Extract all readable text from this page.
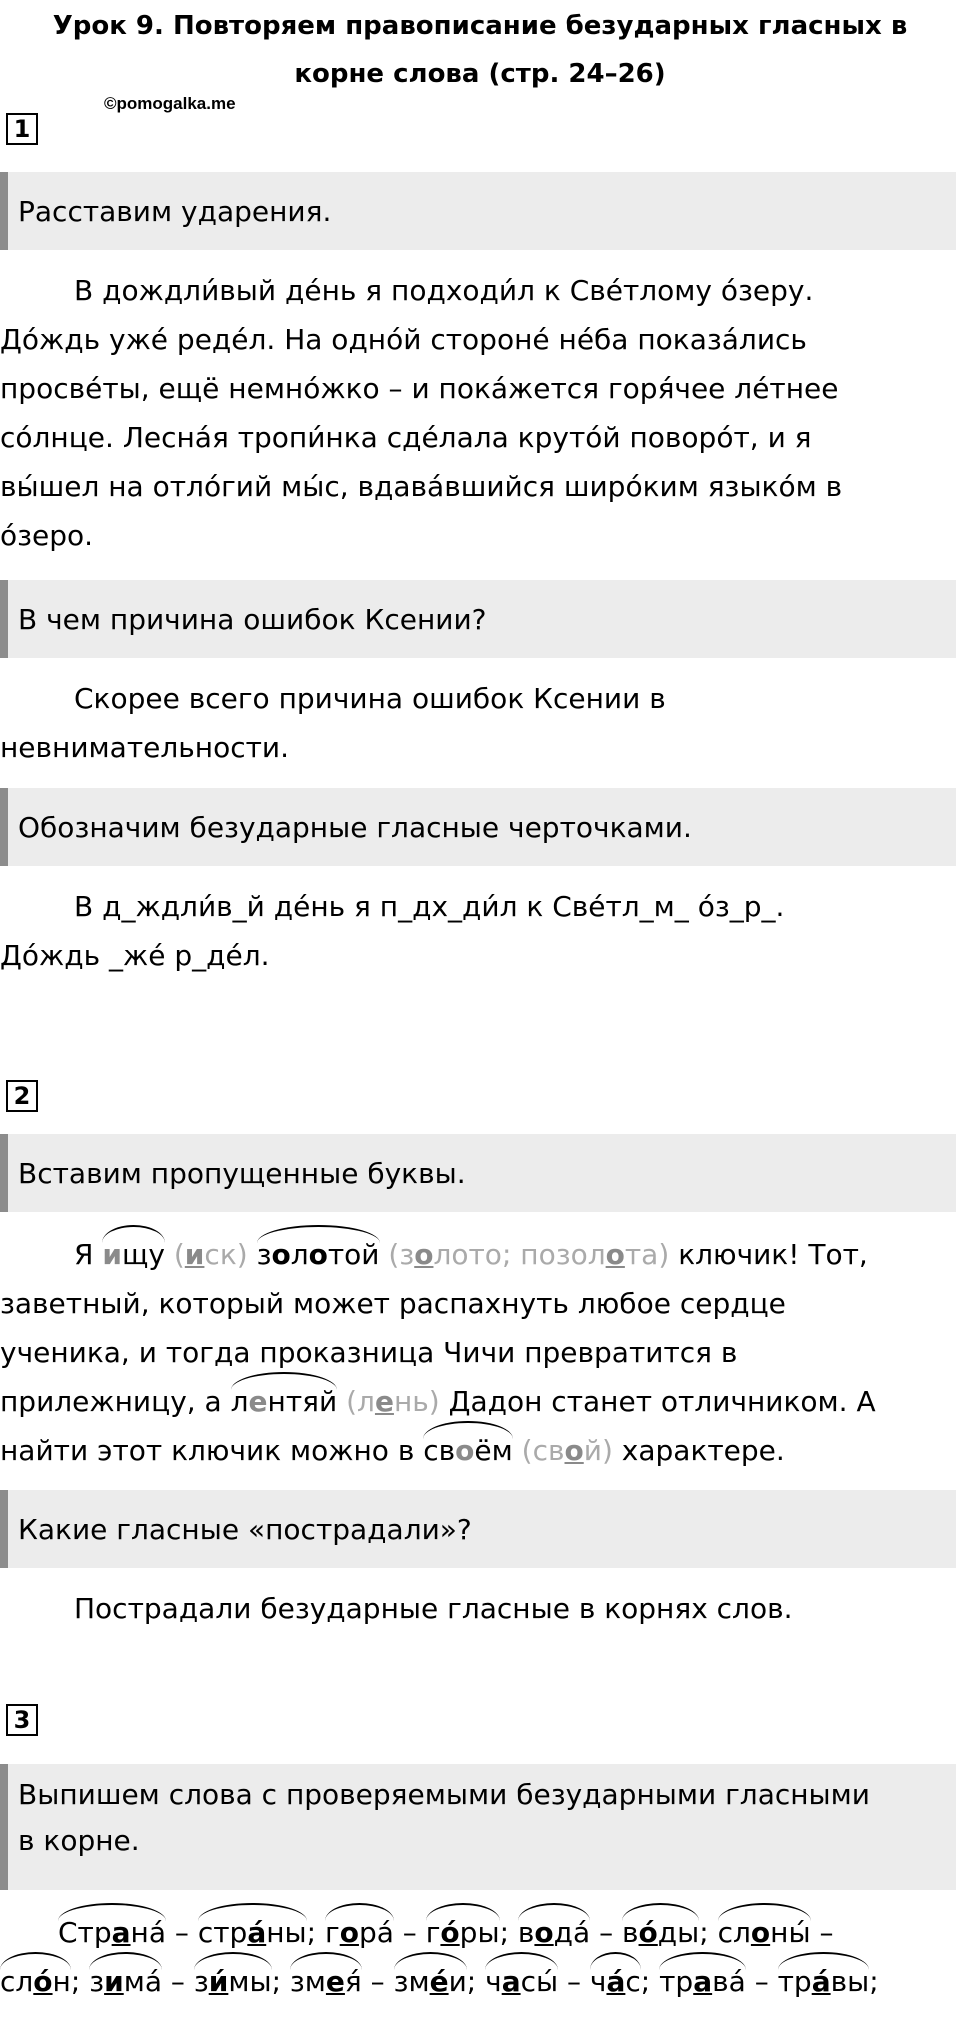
Урок 9. Повторяем правописание безударных гласных в
корне слова (стр. 24–26)
©pomogalka.me
1
Расставим ударения.

В дождли́вый де́нь я подходи́л к Све́тлому о́зеру.
До́ждь уже́ реде́л. На одно́й стороне́ не́ба показа́лись
просве́ты, ещё немно́жко – и пока́жется горя́чее ле́тнее
со́лнце. Лесна́я тропи́нка сде́лала круто́й поворо́т, и я
вы́шел на отло́гий мы́с, вдава́вшийся широ́ким языко́м в
о́зеро.

В чем причина ошибок Ксении?

Скорее всего причина ошибок Ксении в
невнимательности.

Обозначим безударные гласные черточками.

В д_ждли́в_й де́нь я п_дх_ди́л к Све́тл_м_ о́з_р_.
До́ждь _же́ р_де́л.

2
Вставим пропущенные буквы.

Я ищу (иск) золотой (золото; позолота) ключик! Тот,
заветный, который может распахнуть любое сердце
ученика, и тогда проказница Чичи превратится в
прилежницу, а лентяй (лень) Дадон станет отличником. А
найти этот ключик можно в своём (свой) характере.

Какие гласные «пострадали»?

Пострадали безударные гласные в корнях слов.

3
Выпишем слова с проверяемыми безударными гласными
в корне.

Страна́ – стра́ны; гора́ – го́ры; вода́ – во́ды; слоны́ –
сло́н; зима́ – зи́мы; змея́ – зме́и; часы́ – ча́с; трава́ – тра́вы;
